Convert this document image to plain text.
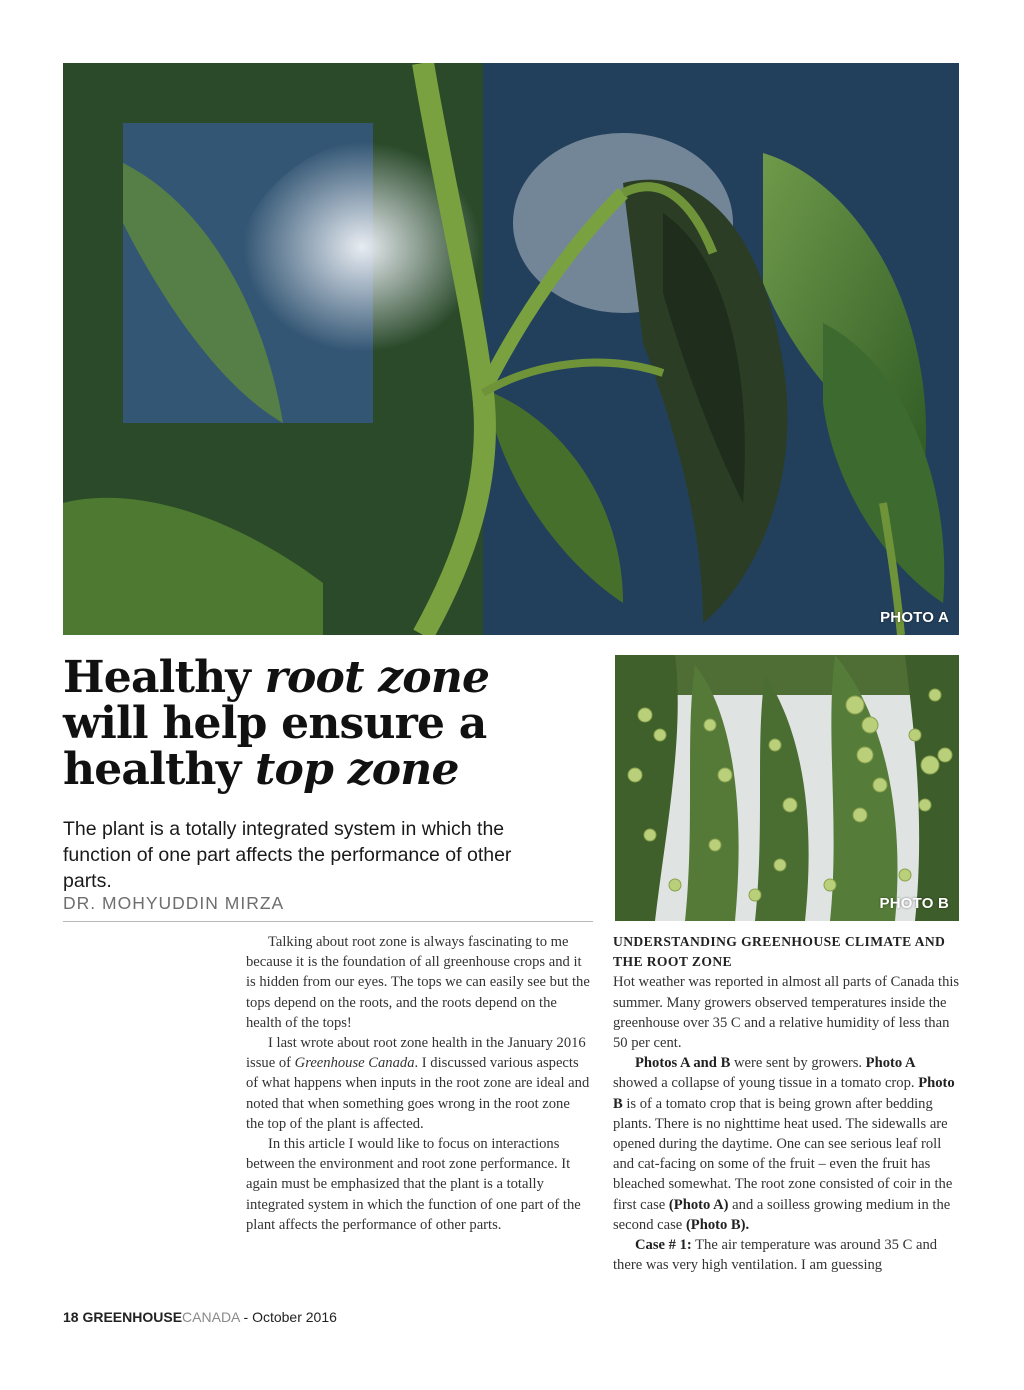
PHOTO A
Healthy root zone
will help ensure a
healthy top zone
The plant is a totally integrated system in which the function of one part affects the performance of other parts.
DR. MOHYUDDIN MIRZA	PHOTO B

Talking about root zone is always fascinating to me because it is the foundation of all greenhouse crops and it is hidden from our eyes. The tops we can easily see but the tops depend on the roots, and the roots depend on the health of the tops!

I last wrote about root zone health in the January 2016 issue of Greenhouse Canada. I discussed various aspects of what happens when inputs in the root zone are ideal and noted that when something goes wrong in the root zone the top of the plant is affected.

In this article I would like to focus on interactions between the environment and root zone performance. It again must be emphasized that the plant is a totally integrated system in which the function of one part of the plant affects the performance of other parts.

UNDERSTANDING GREENHOUSE CLIMATE AND THE ROOT ZONE

Hot weather was reported in almost all parts of Canada this summer. Many growers observed temperatures inside the greenhouse over 35 C and a relative humidity of less than 50 per cent.

Photos A and B were sent by growers. Photo A showed a collapse of young tissue in a tomato crop. Photo B is of a tomato crop that is being grown after bedding plants. There is no nighttime heat used. The sidewalls are opened during the daytime. One can see serious leaf roll and cat-facing on some of the fruit – even the fruit has bleached somewhat. The root zone consisted of coir in the first case (Photo A) and a soilless growing medium in the second case (Photo B).

Case # 1: The air temperature was around 35 C and there was very high ventilation. I am guessing

18 GREENHOUSECANADA - October 2016
